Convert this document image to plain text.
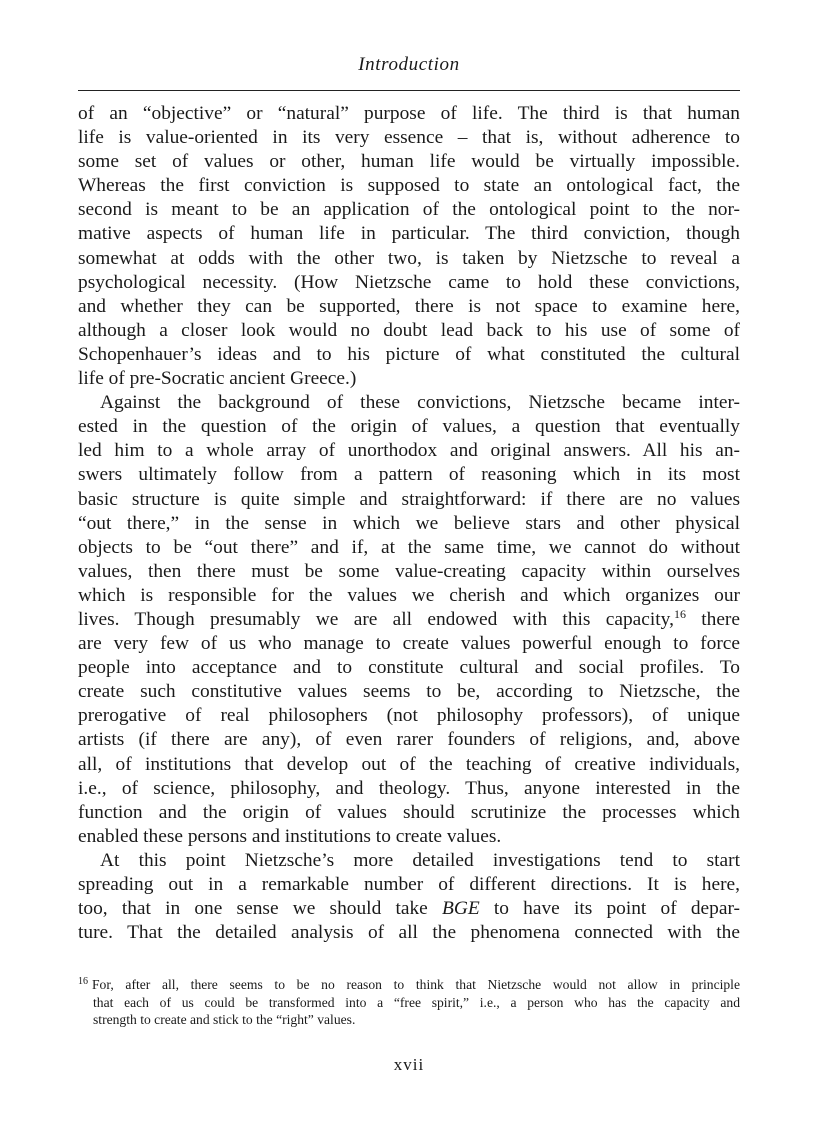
Introduction
of an “objective” or “natural” purpose of life. The third is that human
life is value-oriented in its very essence – that is, without adherence to
some set of values or other, human life would be virtually impossible.
Whereas the first conviction is supposed to state an ontological fact, the
second is meant to be an application of the ontological point to the nor-
mative aspects of human life in particular. The third conviction, though
somewhat at odds with the other two, is taken by Nietzsche to reveal a
psychological necessity. (How Nietzsche came to hold these convictions,
and whether they can be supported, there is not space to examine here,
although a closer look would no doubt lead back to his use of some of
Schopenhauer’s ideas and to his picture of what constituted the cultural
life of pre-Socratic ancient Greece.)
Against the background of these convictions, Nietzsche became inter-
ested in the question of the origin of values, a question that eventually
led him to a whole array of unorthodox and original answers. All his an-
swers ultimately follow from a pattern of reasoning which in its most
basic structure is quite simple and straightforward: if there are no values
“out there,” in the sense in which we believe stars and other physical
objects to be “out there” and if, at the same time, we cannot do without
values, then there must be some value-creating capacity within ourselves
which is responsible for the values we cherish and which organizes our
lives. Though presumably we are all endowed with this capacity,$^{16}$ there
are very few of us who manage to create values powerful enough to force
people into acceptance and to constitute cultural and social profiles. To
create such constitutive values seems to be, according to Nietzsche, the
prerogative of real philosophers (not philosophy professors), of unique
artists (if there are any), of even rarer founders of religions, and, above
all, of institutions that develop out of the teaching of creative individuals,
i.e., of science, philosophy, and theology. Thus, anyone interested in the
function and the origin of values should scrutinize the processes which
enabled these persons and institutions to create values.
At this point Nietzsche’s more detailed investigations tend to start
spreading out in a remarkable number of different directions. It is here,
too, that in one sense we should take BGE to have its point of depar-
ture. That the detailed analysis of all the phenomena connected with the
$^{16}$ For, after all, there seems to be no reason to think that Nietzsche would not allow in principle
that each of us could be transformed into a “free spirit,” i.e., a person who has the capacity and
strength to create and stick to the “right” values.
xvii
